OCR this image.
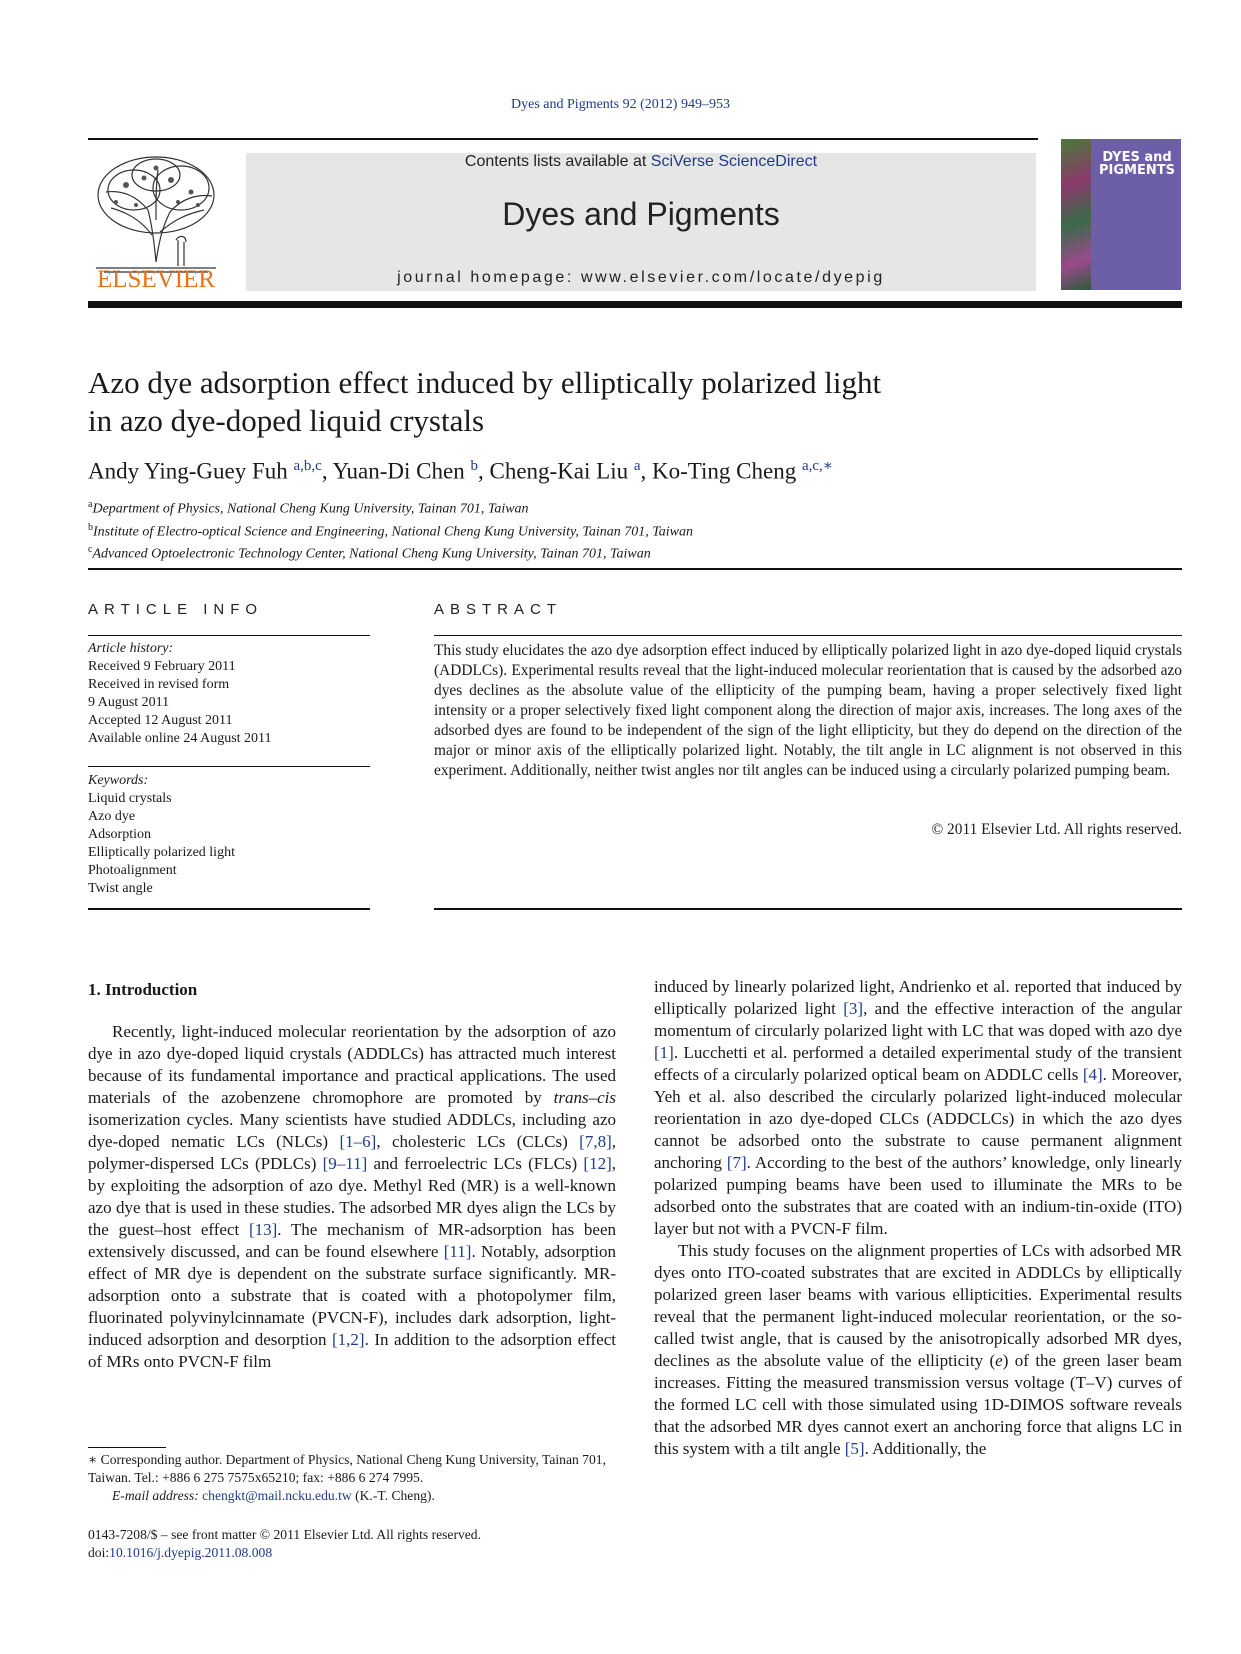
Dyes and Pigments 92 (2012) 949–953
ELSEVIER
Contents lists available at SciVerse ScienceDirect
Dyes and Pigments
journal homepage: www.elsevier.com/locate/dyepig
DYES and PIGMENTS
Azo dye adsorption effect induced by elliptically polarized light
in azo dye-doped liquid crystals
Andy Ying-Guey Fuh $^{a,b,c}$, Yuan-Di Chen $^b$, Cheng-Kai Liu $^a$, Ko-Ting Cheng $^{a,c,∗}$
$^a$Department of Physics, National Cheng Kung University, Tainan 701, Taiwan
$^b$Institute of Electro-optical Science and Engineering, National Cheng Kung University, Tainan 701, Taiwan
$^c$Advanced Optoelectronic Technology Center, National Cheng Kung University, Tainan 701, Taiwan
ARTICLE INFO	ABSTRACT
Article history:
Received 9 February 2011
Received in revised form
9 August 2011
Accepted 12 August 2011
Available online 24 August 2011
Keywords:
Liquid crystals
Azo dye
Adsorption
Elliptically polarized light
Photoalignment
Twist angle
This study elucidates the azo dye adsorption effect induced by elliptically polarized light in azo dye-doped liquid crystals (ADDLCs). Experimental results reveal that the light-induced molecular reorientation that is caused by the adsorbed azo dyes declines as the absolute value of the ellipticity of the pumping beam, having a proper selectively fixed light intensity or a proper selectively fixed light component along the direction of major axis, increases. The long axes of the adsorbed dyes are found to be independent of the sign of the light ellipticity, but they do depend on the direction of the major or minor axis of the elliptically polarized light. Notably, the tilt angle in LC alignment is not observed in this experiment. Additionally, neither twist angles nor tilt angles can be induced using a circularly polarized pumping beam.
© 2011 Elsevier Ltd. All rights reserved.
1. Introduction

Recently, light-induced molecular reorientation by the adsorption of azo dye in azo dye-doped liquid crystals (ADDLCs) has attracted much interest because of its fundamental importance and practical applications. The used materials of the azobenzene chromophore are promoted by trans–cis isomerization cycles. Many scientists have studied ADDLCs, including azo dye-doped nematic LCs (NLCs) [1–6], cholesteric LCs (CLCs) [7,8], polymer-dispersed LCs (PDLCs) [9–11] and ferroelectric LCs (FLCs) [12], by exploiting the adsorption of azo dye. Methyl Red (MR) is a well-known azo dye that is used in these studies. The adsorbed MR dyes align the LCs by the guest–host effect [13]. The mechanism of MR-adsorption has been extensively discussed, and can be found elsewhere [11]. Notably, adsorption effect of MR dye is dependent on the substrate surface significantly. MR-adsorption onto a substrate that is coated with a photopolymer film, fluorinated polyvinylcinnamate (PVCN-F), includes dark adsorption, light-induced adsorption and desorption [1,2]. In addition to the adsorption effect of MRs onto PVCN-F film

induced by linearly polarized light, Andrienko et al. reported that induced by elliptically polarized light [3], and the effective interaction of the angular momentum of circularly polarized light with LC that was doped with azo dye [1]. Lucchetti et al. performed a detailed experimental study of the transient effects of a circularly polarized optical beam on ADDLC cells [4]. Moreover, Yeh et al. also described the circularly polarized light-induced molecular reorientation in azo dye-doped CLCs (ADDCLCs) in which the azo dyes cannot be adsorbed onto the substrate to cause permanent alignment anchoring [7]. According to the best of the authors’ knowledge, only linearly polarized pumping beams have been used to illuminate the MRs to be adsorbed onto the substrates that are coated with an indium-tin-oxide (ITO) layer but not with a PVCN-F film.

This study focuses on the alignment properties of LCs with adsorbed MR dyes onto ITO-coated substrates that are excited in ADDLCs by elliptically polarized green laser beams with various ellipticities. Experimental results reveal that the permanent light-induced molecular reorientation, or the so-called twist angle, that is caused by the anisotropically adsorbed MR dyes, declines as the absolute value of the ellipticity (e) of the green laser beam increases. Fitting the measured transmission versus voltage (T–V) curves of the formed LC cell with those simulated using 1D-DIMOS software reveals that the adsorbed MR dyes cannot exert an anchoring force that aligns LC in this system with a tilt angle [5]. Additionally, the

∗ Corresponding author. Department of Physics, National Cheng Kung University, Tainan 701, Taiwan. Tel.: +886 6 275 7575x65210; fax: +886 6 274 7995.
E-mail address: chengkt@mail.ncku.edu.tw (K.-T. Cheng).
0143-7208/$ – see front matter © 2011 Elsevier Ltd. All rights reserved.
doi:10.1016/j.dyepig.2011.08.008
